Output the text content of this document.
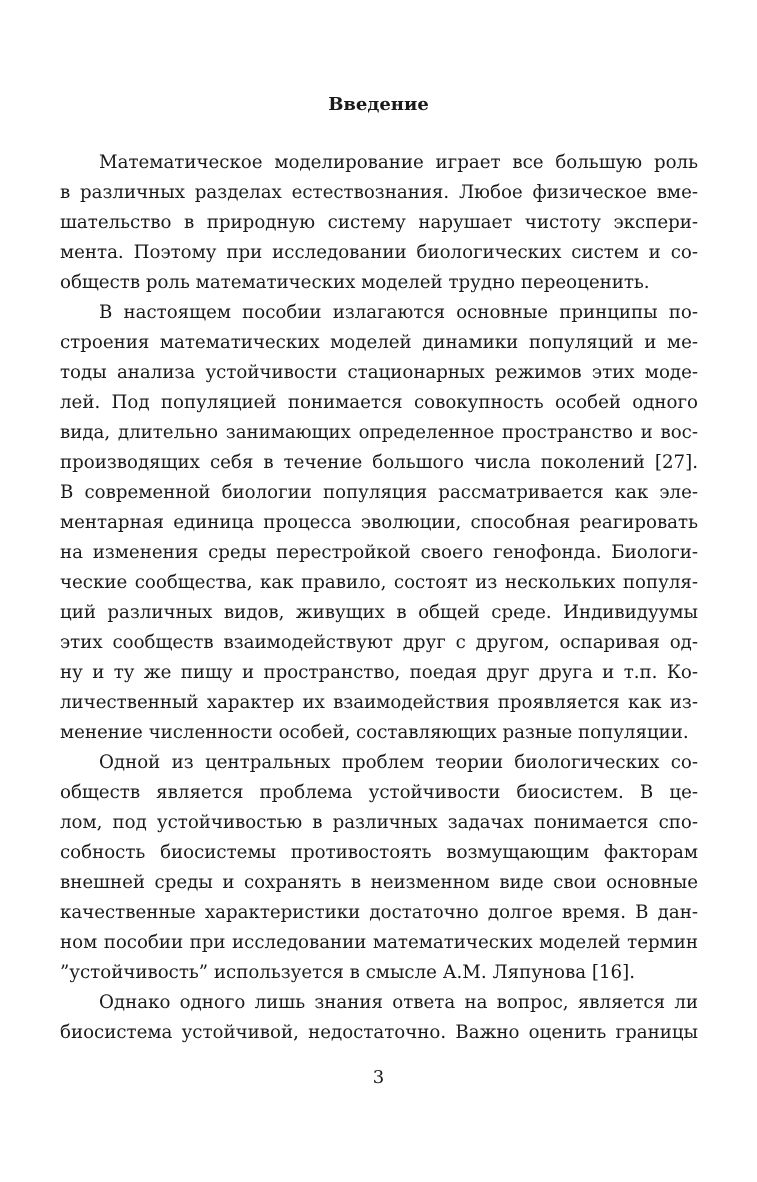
Введение
Математическое моделирование играет все большую роль
в различных разделах естествознания. Любое физическое вме-
шательство в природную систему нарушает чистоту экспери-
мента. Поэтому при исследовании биологических систем и со-
обществ роль математических моделей трудно переоценить.
В настоящем пособии излагаются основные принципы по-
строения математических моделей динамики популяций и ме-
тоды анализа устойчивости стационарных режимов этих моде-
лей. Под популяцией понимается совокупность особей одного
вида, длительно занимающих определенное пространство и вос-
производящих себя в течение большого числа поколений [27].
В современной биологии популяция рассматривается как эле-
ментарная единица процесса эволюции, способная реагировать
на изменения среды перестройкой своего генофонда. Биологи-
ческие сообщества, как правило, состоят из нескольких популя-
ций различных видов, живущих в общей среде. Индивидуумы
этих сообществ взаимодействуют друг с другом, оспаривая од-
ну и ту же пищу и пространство, поедая друг друга и т.п. Ко-
личественный характер их взаимодействия проявляется как из-
менение численности особей, составляющих разные популяции.
Одной из центральных проблем теории биологических со-
обществ является проблема устойчивости биосистем. В це-
лом, под устойчивостью в различных задачах понимается спо-
собность биосистемы противостоять возмущающим факторам
внешней среды и сохранять в неизменном виде свои основные
качественные характеристики достаточно долгое время. В дан-
ном пособии при исследовании математических моделей термин
”устойчивость” используется в смысле А.М. Ляпунова [16].
Однако одного лишь знания ответа на вопрос, является ли
биосистема устойчивой, недостаточно. Важно оценить границы
3
